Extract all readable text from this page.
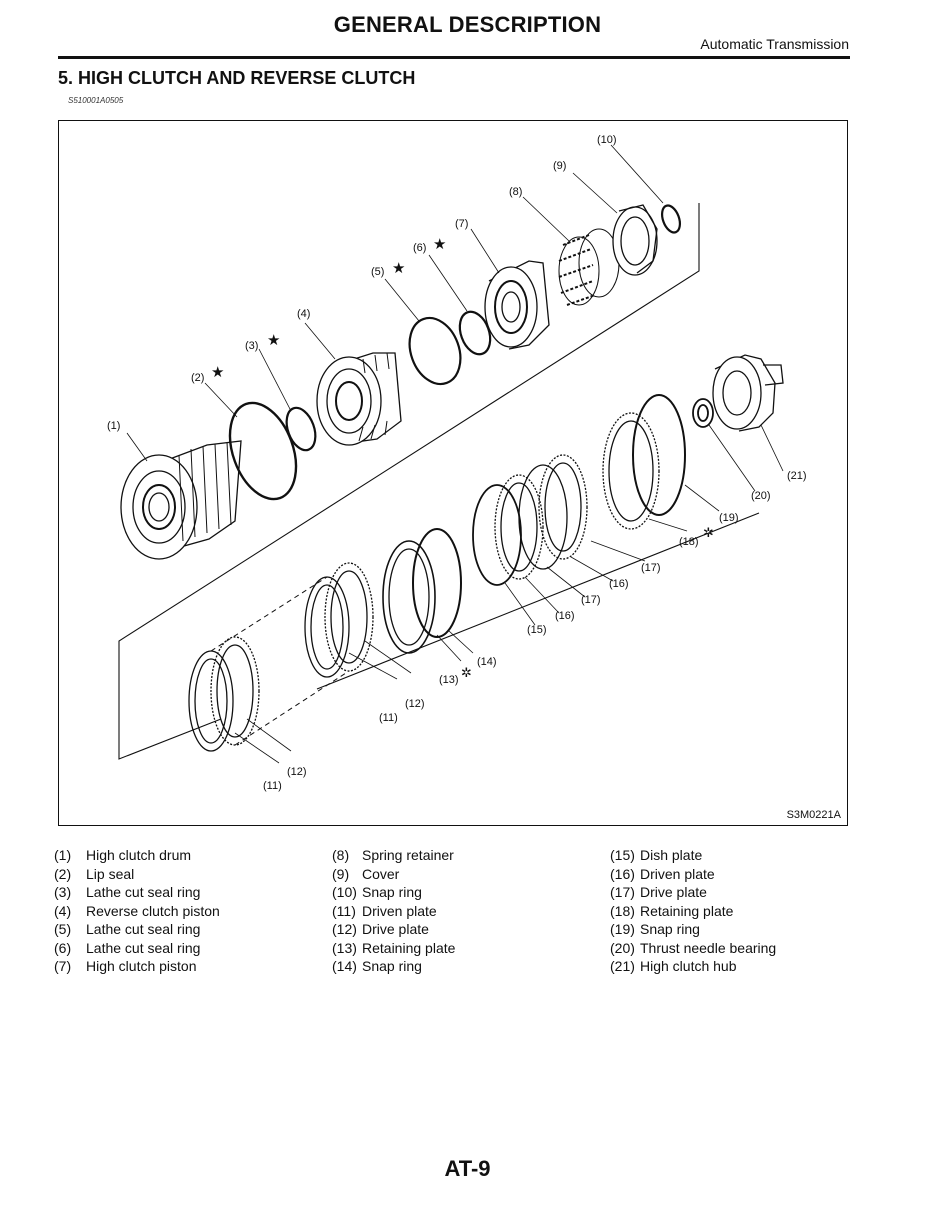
GENERAL DESCRIPTION
Automatic Transmission
5. HIGH CLUTCH AND REVERSE CLUTCH
S510001A0505
(1)
(2)
(3)
(4)
(5)
(6)
(7)
(8)
(9)
(10)
(11)
(12)
(11)
(12)
(13)
(14)
(15)
(16)
(17)
(16)
(17)
(18)
(19)
(20)
(21)
★
★
★
★
✲
✲
S3M0221A
(1)	High clutch drum
(2)	Lip seal
(3)	Lathe cut seal ring
(4)	Reverse clutch piston
(5)	Lathe cut seal ring
(6)	Lathe cut seal ring
(7)	High clutch piston
(8) Spring retainer
(9) Cover
(10) Snap ring
(11) Driven plate
(12) Drive plate
(13) Retaining plate
(14) Snap ring
(15) Dish plate
(16) Driven plate
(17) Drive plate
(18) Retaining plate
(19) Snap ring
(20) Thrust needle bearing
(21) High clutch hub
AT-9
